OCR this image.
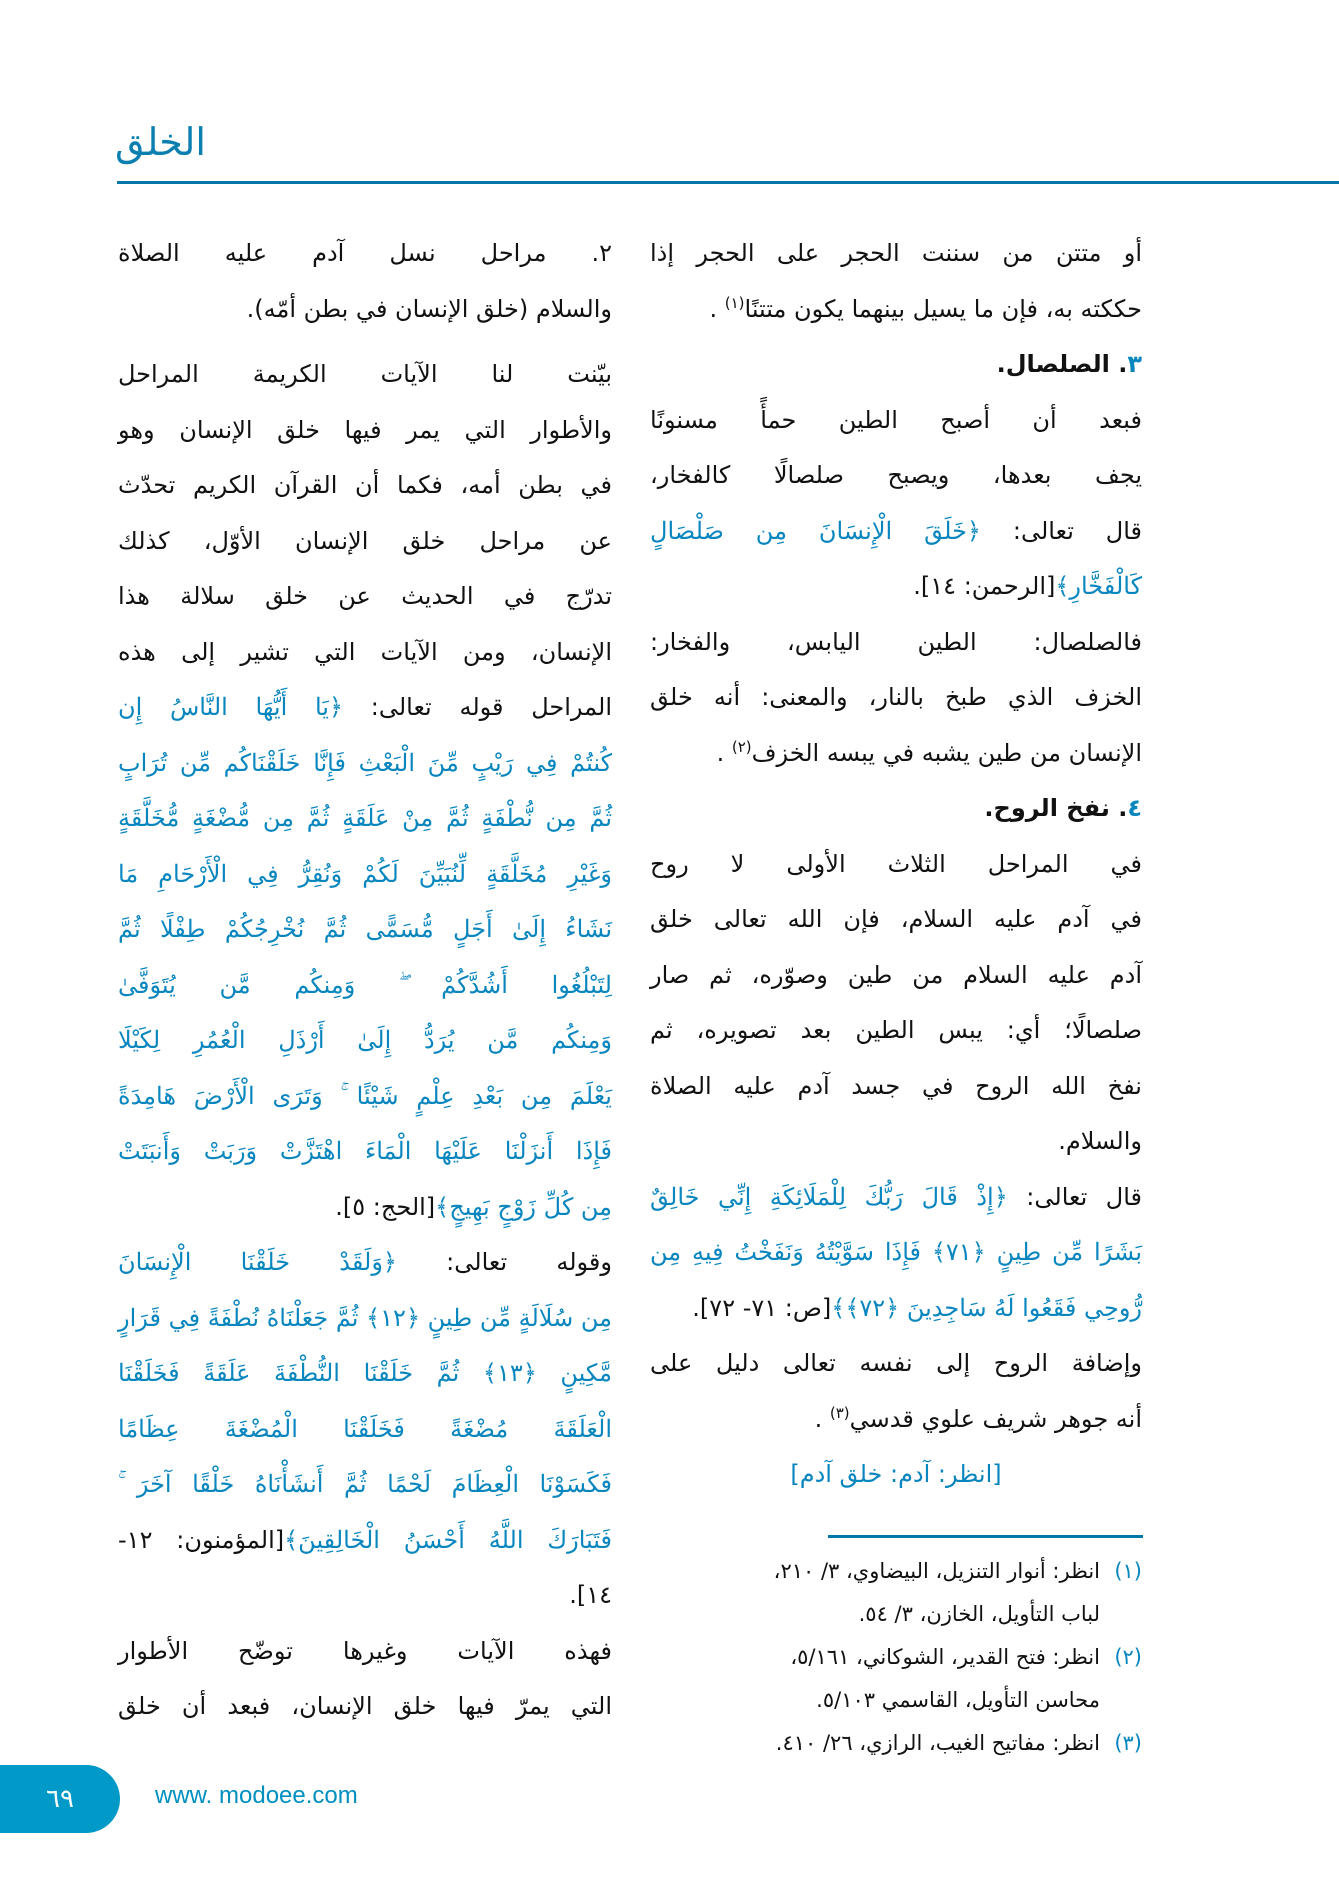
الخلق
أو متتن من سننت الحجر على الحجر إذا
حككته به، فإن ما يسيل بينهما يكون متتنًا$^{(١)}$ .
٣. الصلصال.
فبعد أن أصبح الطين حمأً مسنونًا
يجف بعدها، ويصبح صلصالًا كالفخار،
قال تعالى: ﴿خَلَقَ الْإِنسَانَ مِن صَلْصَالٍ
كَالْفَخَّارِ﴾[الرحمن: ١٤].
فالصلصال: الطين اليابس، والفخار:
الخزف الذي طبخ بالنار، والمعنى: أنه خلق
الإنسان من طين يشبه في يبسه الخزف$^{(٢)}$ .
٤. نفخ الروح.
في المراحل الثلاث الأولى لا روح
في آدم عليه السلام، فإن الله تعالى خلق
آدم عليه السلام من طين وصوّره، ثم صار
صلصالًا؛ أي: يبس الطين بعد تصويره، ثم
نفخ الله الروح في جسد آدم عليه الصلاة
والسلام.
قال تعالى: ﴿إِذْ قَالَ رَبُّكَ لِلْمَلَائِكَةِ إِنِّي خَالِقٌ
بَشَرًا مِّن طِينٍ ﴿٧١﴾ فَإِذَا سَوَّيْتُهُ وَنَفَخْتُ فِيهِ مِن
رُّوحِي فَقَعُوا لَهُ سَاجِدِينَ ﴿٧٢﴾﴾[ص: ٧١- ٧٢].
وإضافة الروح إلى نفسه تعالى دليل على
أنه جوهر شريف علوي قدسي$^{(٣)}$ .
[انظر: آدم: خلق آدم]
٢. مراحل نسل آدم عليه الصلاة
والسلام (خلق الإنسان في بطن أمّه).
بيّنت لنا الآيات الكريمة المراحل
والأطوار التي يمر فيها خلق الإنسان وهو
في بطن أمه، فكما أن القرآن الكريم تحدّث
عن مراحل خلق الإنسان الأوّل، كذلك
تدرّج في الحديث عن خلق سلالة هذا
الإنسان، ومن الآيات التي تشير إلى هذه
المراحل قوله تعالى: ﴿يَا أَيُّهَا النَّاسُ إِن
كُنتُمْ فِي رَيْبٍ مِّنَ الْبَعْثِ فَإِنَّا خَلَقْنَاكُم مِّن تُرَابٍ
ثُمَّ مِن نُّطْفَةٍ ثُمَّ مِنْ عَلَقَةٍ ثُمَّ مِن مُّضْغَةٍ مُّخَلَّقَةٍ
وَغَيْرِ مُخَلَّقَةٍ لِّنُبَيِّنَ لَكُمْ وَنُقِرُّ فِي الْأَرْحَامِ مَا
نَشَاءُ إِلَىٰ أَجَلٍ مُّسَمًّى ثُمَّ نُخْرِجُكُمْ طِفْلًا ثُمَّ
لِتَبْلُغُوا أَشُدَّكُمْ ۖ وَمِنكُم مَّن يُتَوَفَّىٰ
وَمِنكُم مَّن يُرَدُّ إِلَىٰ أَرْذَلِ الْعُمُرِ لِكَيْلَا
يَعْلَمَ مِن بَعْدِ عِلْمٍ شَيْئًا ۚ وَتَرَى الْأَرْضَ هَامِدَةً
فَإِذَا أَنزَلْنَا عَلَيْهَا الْمَاءَ اهْتَزَّتْ وَرَبَتْ وَأَنبَتَتْ
مِن كُلِّ زَوْجٍ بَهِيجٍ﴾[الحج: ٥].
وقوله تعالى: ﴿وَلَقَدْ خَلَقْنَا الْإِنسَانَ
مِن سُلَالَةٍ مِّن طِينٍ ﴿١٢﴾ ثُمَّ جَعَلْنَاهُ نُطْفَةً فِي قَرَارٍ
مَّكِينٍ ﴿١٣﴾ ثُمَّ خَلَقْنَا النُّطْفَةَ عَلَقَةً فَخَلَقْنَا
الْعَلَقَةَ مُضْغَةً فَخَلَقْنَا الْمُضْغَةَ عِظَامًا
فَكَسَوْنَا الْعِظَامَ لَحْمًا ثُمَّ أَنشَأْنَاهُ خَلْقًا آخَرَ ۚ
فَتَبَارَكَ اللَّهُ أَحْسَنُ الْخَالِقِينَ﴾[المؤمنون: ١٢-
١٤].
فهذه الآيات وغيرها توضّح الأطوار
التي يمرّ فيها خلق الإنسان، فبعد أن خلق
(١)انظر: أنوار التنزيل، البيضاوي، ٣/ ٢١٠،
لباب التأويل، الخازن، ٣/ ٥٤.
(٢)انظر: فتح القدير، الشوكاني، ٥/١٦١،
محاسن التأويل، القاسمي ٥/١٠٣.
(٣)انظر: مفاتيح الغيب، الرازي، ٢٦/ ٤١٠.
٦٩	www. modoee.com
